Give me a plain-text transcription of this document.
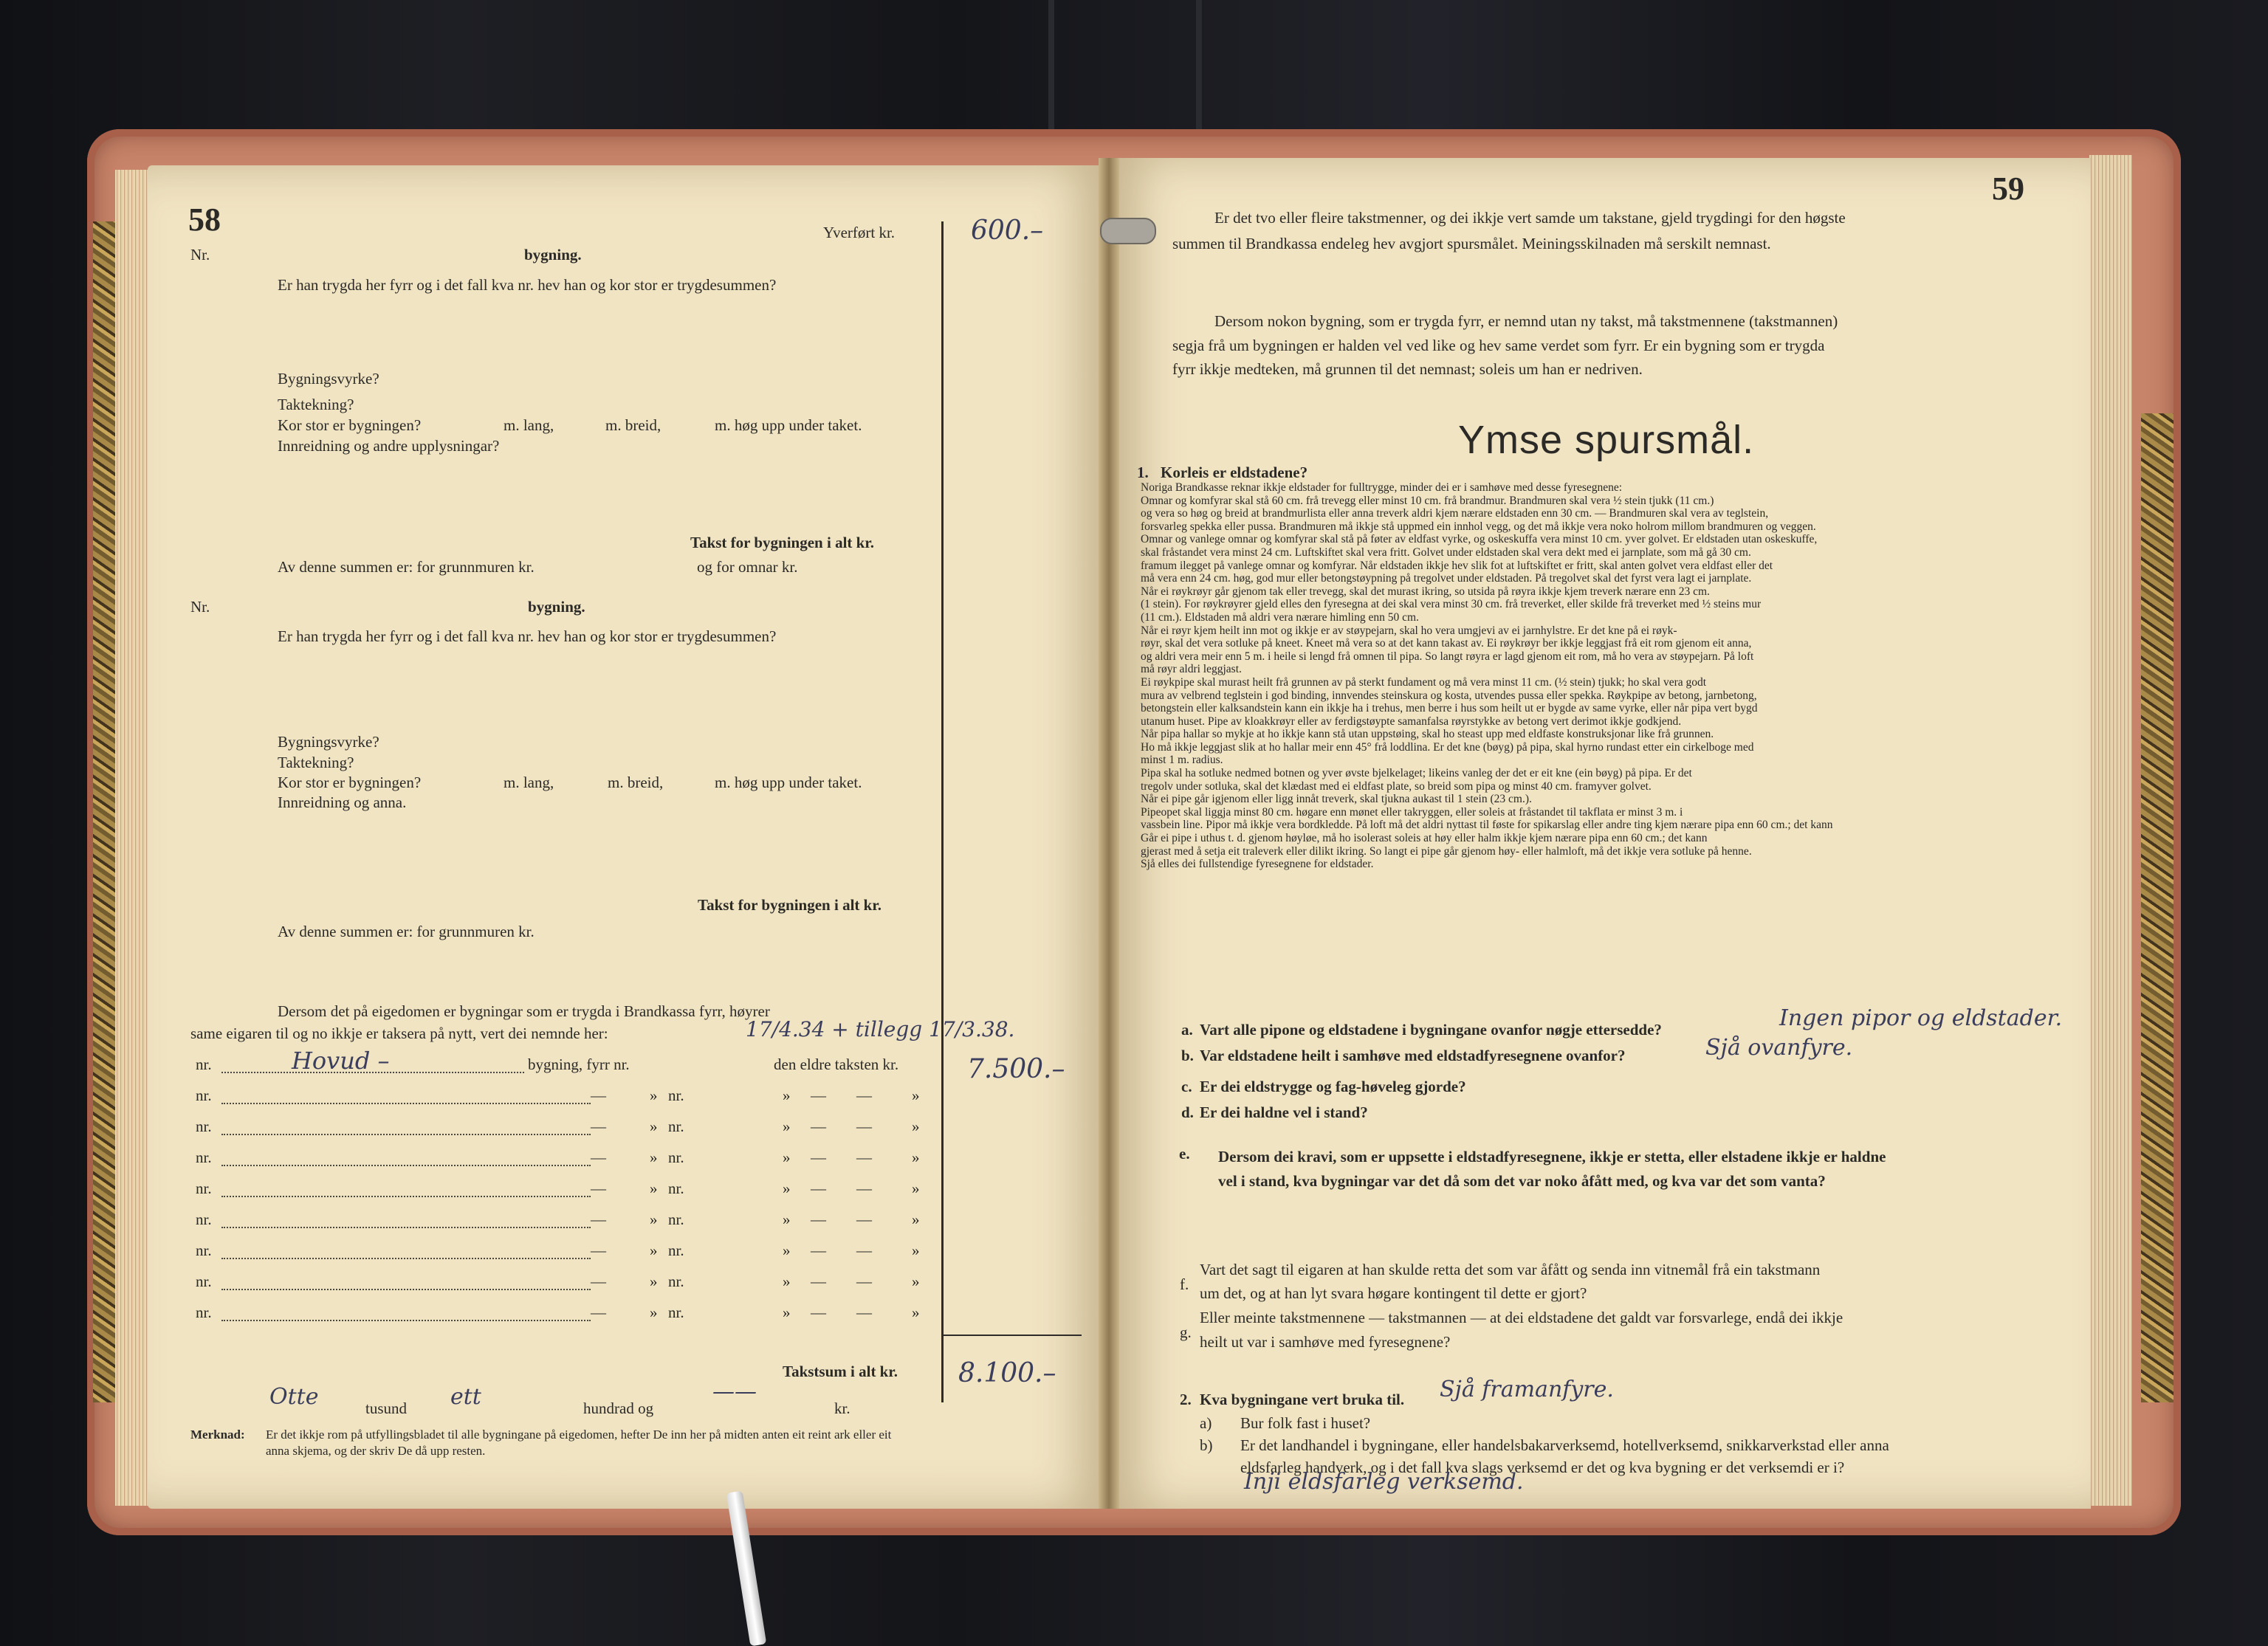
58	Yverført kr.	600.–
Nr.	bygning.
Er han trygda her fyrr og i det fall kva nr. hev han og kor stor er trygdesummen?
Bygningsvyrke?
Taktekning?
Kor stor er bygningen?	m. lang,	m. breid,	m. høg upp under taket.
Innreidning og andre upplysningar?
Takst for bygningen i alt kr.
Av denne summen er: for grunnmuren kr.	og for omnar kr.
Nr.	bygning.
Er han trygda her fyrr og i det fall kva nr. hev han og kor stor er trygdesummen?
Bygningsvyrke?
Taktekning?
Kor stor er bygningen?	m. lang,	m. breid,	m. høg upp under taket.
Innreidning og anna.
Takst for bygningen i alt kr.
Av denne summen er: for grunnmuren kr.
Dersom det på eigedomen er bygningar som er trygda i Brandkassa fyrr, høyrer
same eigaren til og no ikkje er taksera på nytt, vert dei nemnde her:	17/4.34 + tillegg 17/3.38.
nr.	Hovud –	bygning, fyrr nr.	den eldre taksten kr.	7.500.–
nr.	—	» nr.	» — —	»
nr.	—	» nr.	» — —	»
nr.	—	» nr.	» — —	»
nr.	—	» nr.	» — —	»
nr.	—	» nr.	» — —	»
nr.	—	» nr.	» — —	»
nr.	—	» nr.	» — —	»
nr.	—	» nr.	» — —	»
Takstsum i alt kr. 8.100.–
Otte	tusund ett	hundrad og
——
kr.
Merknad: Er det ikkje rom på utfyllingsbladet til alle bygningane på eigedomen, hefter De inn her på midten anten eit reint ark eller eit
anna skjema, og der skriv De då upp resten.
59
Er det tvo eller fleire takstmenner, og dei ikkje vert samde um takstane, gjeld trygdingi for den høgste
summen til Brandkassa endeleg hev avgjort spursmålet. Meiningsskilnaden må serskilt nemnast.
Dersom nokon bygning, som er trygda fyrr, er nemnd utan ny takst, må takstmennene (takstmannen)
segja frå um bygningen er halden vel ved like og hev same verdet som fyrr. Er ein bygning som er trygda
fyrr ikkje medteken, må grunnen til det nemnast; soleis um han er nedriven.
Ymse spursmål.
1. Korleis er eldstadene?

Noriga Brandkasse reknar ikkje eldstader for fulltrygge, minder dei er i samhøve med desse fyresegnene:

Omnar og komfyrar skal stå 60 cm. frå trevegg eller minst 10 cm. frå brandmur. Brandmuren skal vera ½ stein tjukk (11 cm.)

og vera so høg og breid at brandmurlista eller anna treverk aldri kjem nærare eldstaden enn 30 cm. — Brandmuren skal vera av teglstein,

forsvarleg spekka eller pussa. Brandmuren må ikkje stå uppmed ein innhol vegg, og det må ikkje vera noko holrom millom brandmuren og veggen.

Omnar og vanlege omnar og komfyrar skal stå på føter av eldfast vyrke, og oskeskuffa vera minst 10 cm. yver golvet. Er eldstaden utan oskeskuffe,

skal fråstandet vera minst 24 cm. Luftskiftet skal vera fritt. Golvet under eldstaden skal vera dekt med ei jarnplate, som må gå 30 cm.

framum ilegget på vanlege omnar og komfyrar. Når eldstaden ikkje hev slik fot at luftskiftet er fritt, skal anten golvet vera eldfast eller det

må vera enn 24 cm. høg, god mur eller betongstøypning på tregolvet under eldstaden. På tregolvet skal det fyrst vera lagt ei jarnplate.

Når ei røykrøyr går gjenom tak eller trevegg, skal det murast ikring, so utsida på røyra ikkje kjem treverk nærare enn 23 cm.

(1 stein). For røykrøyrer gjeld elles den fyresegna at dei skal vera minst 30 cm. frå treverket, eller skilde frå treverket med ½ steins mur

(11 cm.). Eldstaden må aldri vera nærare himling enn 50 cm.

Når ei røyr kjem heilt inn mot og ikkje er av støypejarn, skal ho vera umgjevi av ei jarnhylstre. Er det kne på ei røyk-

røyr, skal det vera sotluke på kneet. Kneet må vera so at det kann takast av. Ei røykrøyr ber ikkje leggjast frå eit rom gjenom eit anna,

og aldri vera meir enn 5 m. i heile si lengd frå omnen til pipa. So langt røyra er lagd gjenom eit rom, må ho vera av støypejarn. På loft

må røyr aldri leggjast.

Ei røykpipe skal murast heilt frå grunnen av på sterkt fundament og må vera minst 11 cm. (½ stein) tjukk; ho skal vera godt

mura av velbrend teglstein i god binding, innvendes steinskura og kosta, utvendes pussa eller spekka. Røykpipe av betong, jarnbetong,

betongstein eller kalksandstein kann ein ikkje ha i trehus, men berre i hus som heilt ut er bygde av same vyrke, eller når pipa vert bygd

utanum huset. Pipe av kloakkrøyr eller av ferdigstøypte samanfalsa røyrstykke av betong vert derimot ikkje godkjend.

Når pipa hallar so mykje at ho ikkje kann stå utan uppstøing, skal ho steast upp med eldfaste konstruksjonar like frå grunnen.

Ho må ikkje leggjast slik at ho hallar meir enn 45° frå loddlina. Er det kne (bøyg) på pipa, skal hyrno rundast etter ein cirkelboge med

minst 1 m. radius.

Pipa skal ha sotluke nedmed botnen og yver øvste bjelkelaget; likeins vanleg der det er eit kne (ein bøyg) på pipa. Er det

tregolv under sotluka, skal det klædast med ei eldfast plate, so breid som pipa og minst 40 cm. framyver golvet.

Når ei pipe går igjenom eller ligg innåt treverk, skal tjukna aukast til 1 stein (23 cm.).

Pipeopet skal liggja minst 80 cm. høgare enn mønet eller takryggen, eller soleis at fråstandet til takflata er minst 3 m. i

vassbein line. Pipor må ikkje vera bordkledde. På loft må det aldri nyttast til føste for spikarslag eller andre ting kjem nærare pipa enn 60 cm.; det kann

Går ei pipe i uthus t. d. gjenom høyløe, må ho isolerast soleis at høy eller halm ikkje kjem nærare pipa enn 60 cm.; det kann

gjerast med å setja eit traleverk eller dilikt ikring. So langt ei pipe går gjenom høy- eller halmloft, må det ikkje vera sotluke på henne.

Sjå elles dei fullstendige fyresegnene for eldstader.

a. Vart alle pipone og eldstadene i bygningane ovanfor nøgje ettersedde?	Ingen pipor og eldstader.
b. Var eldstadene heilt i samhøve med eldstadfyresegnene ovanfor?	Sjå ovanfyre.
c. Er dei eldstrygge og fag-høveleg gjorde?
d. Er dei haldne vel i stand?
e. Dersom dei kravi, som er uppsette i eldstadfyresegnene, ikkje er stetta, eller elstadene ikkje er haldne
vel i stand, kva bygningar var det då som det var noko åfått med, og kva var det som vanta?
f.
Vart det sagt til eigaren at han skulde retta det som var åfått og senda inn vitnemål frå ein takstmann
um det, og at han lyt svara høgare kontingent til dette er gjort?
g.
Eller meinte takstmennene — takstmannen — at dei eldstadene det galdt var forsvarlege, endå dei ikkje
heilt ut var i samhøve med fyresegnene?
2. Kva bygningane vert bruka til. Sjå framanfyre.
a) Bur folk fast i huset?
b) Er det landhandel i bygningane, eller handelsbakarverksemd, hotellverksemd, snikkarverkstad eller anna
eldsfarleg handverk, og i det fall kva slags verksemd er det og kva bygning er det verksemdi er i?
Inji eldsfarleg verksemd.
